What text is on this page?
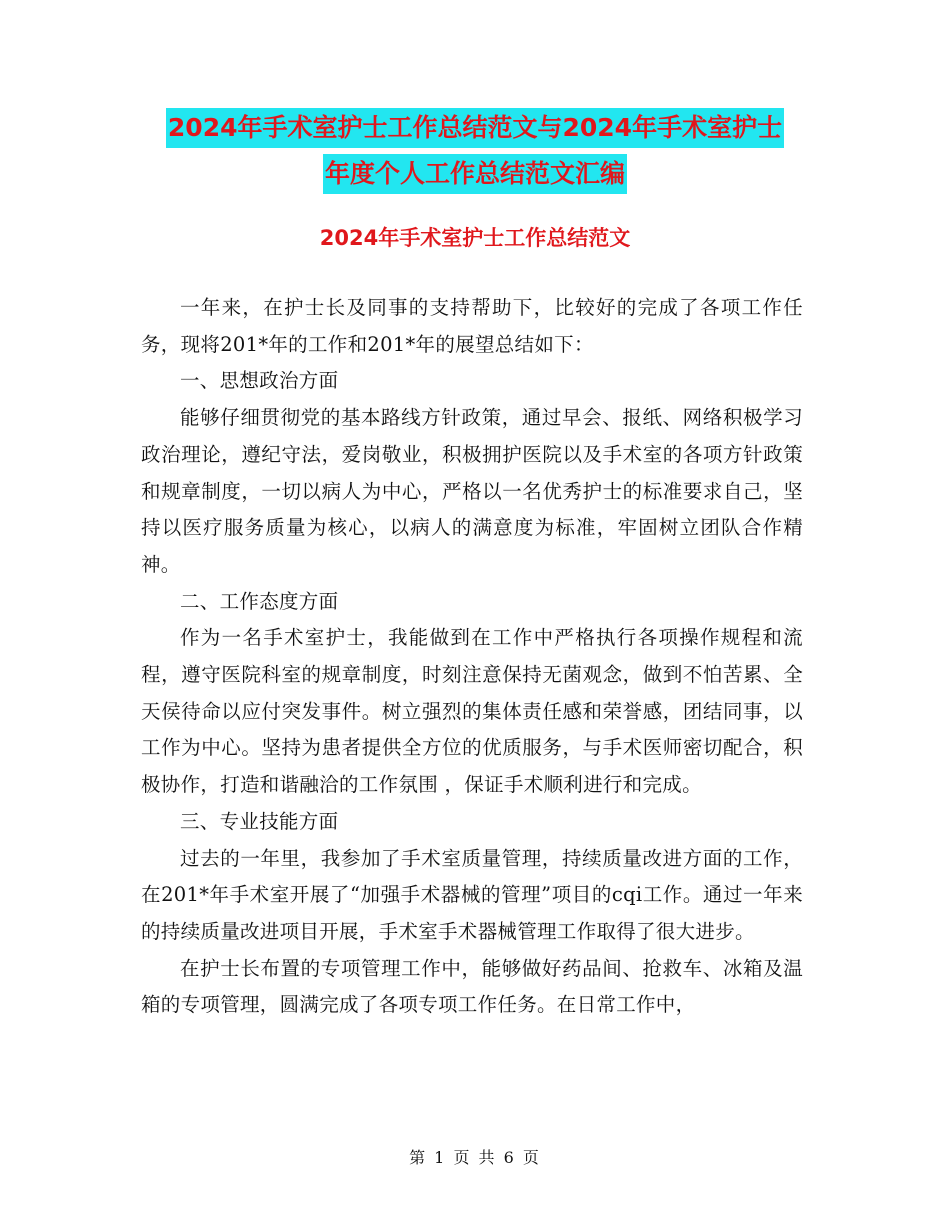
2024年手术室护士工作总结范文与2024年手术室护士
年度个人工作总结范文汇编
2024年手术室护士工作总结范文

一年来，在护士长及同事的支持帮助下，比较好的完成了各项工作任务，现将201*年的工作和201*年的展望总结如下：

一、思想政治方面

能够仔细贯彻党的基本路线方针政策，通过早会、报纸、网络积极学习政治理论，遵纪守法，爱岗敬业，积极拥护医院以及手术室的各项方针政策和规章制度，一切以病人为中心，严格以一名优秀护士的标准要求自己，坚持以医疗服务质量为核心，以病人的满意度为标准，牢固树立团队合作精神。

二、工作态度方面

作为一名手术室护士，我能做到在工作中严格执行各项操作规程和流程，遵守医院科室的规章制度，时刻注意保持无菌观念，做到不怕苦累、全天侯待命以应付突发事件。树立强烈的集体责任感和荣誉感，团结同事，以工作为中心。坚持为患者提供全方位的优质服务，与手术医师密切配合，积极协作，打造和谐融洽的工作氛围 ，保证手术顺利进行和完成。

三、专业技能方面

过去的一年里，我参加了手术室质量管理，持续质量改进方面的工作，在201*年手术室开展了“加强手术器械的管理”项目的cqi工作。通过一年来的持续质量改进项目开展，手术室手术器械管理工作取得了很大进步。

在护士长布置的专项管理工作中，能够做好药品间、抢救车、冰箱及温箱的专项管理，圆满完成了各项专项工作任务。在日常工作中，

第 1 页 共 6 页
